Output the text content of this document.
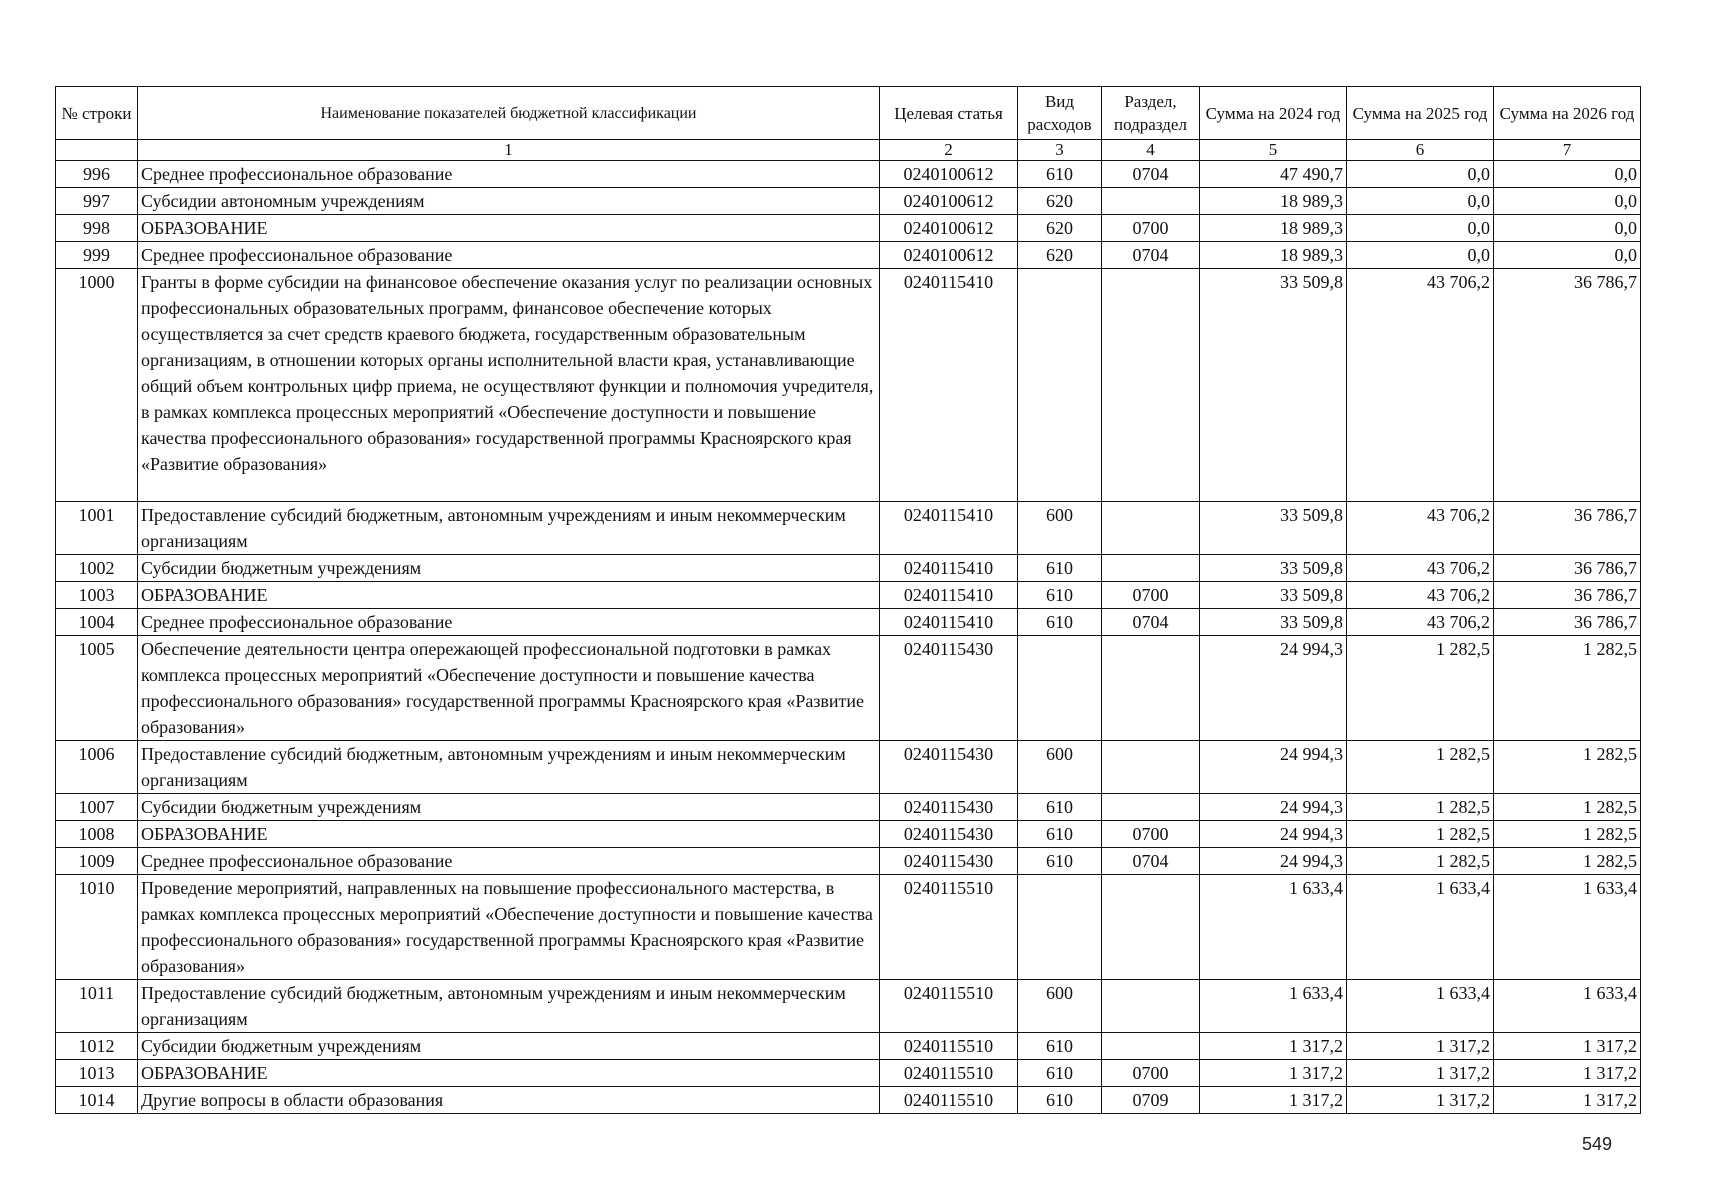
№ строки	Наименование показателей бюджетной классификации	Целевая статья	Вид расходов	Раздел, подраздел	Сумма на 2024 год	Сумма на 2025 год	Сумма на 2026 год
	1	2	3	4	5	6	7
996	Среднее профессиональное образование	0240100612	610	0704	47 490,7	0,0	0,0
997	Субсидии автономным учреждениям	0240100612	620		18 989,3	0,0	0,0
998	ОБРАЗОВАНИЕ	0240100612	620	0700	18 989,3	0,0	0,0
999	Среднее профессиональное образование	0240100612	620	0704	18 989,3	0,0	0,0
1000	Гранты в форме субсидии на финансовое обеспечение оказания услуг по реализации основных профессиональных образовательных программ, финансовое обеспечение которых осуществляется за счет средств краевого бюджета, государственным образовательным организациям, в отношении которых органы исполнительной власти края, устанавливающие общий объем контрольных цифр приема, не осуществляют функции и полномочия учредителя, в рамках комплекса процессных мероприятий «Обеспечение доступности и повышение качества профессионального образования» государственной программы Красноярского края «Развитие образования»	0240115410			33 509,8	43 706,2	36 786,7
1001	Предоставление субсидий бюджетным, автономным учреждениям и иным некоммерческим организациям	0240115410	600		33 509,8	43 706,2	36 786,7
1002	Субсидии бюджетным учреждениям	0240115410	610		33 509,8	43 706,2	36 786,7
1003	ОБРАЗОВАНИЕ	0240115410	610	0700	33 509,8	43 706,2	36 786,7
1004	Среднее профессиональное образование	0240115410	610	0704	33 509,8	43 706,2	36 786,7
1005	Обеспечение деятельности центра опережающей профессиональной подготовки в рамках комплекса процессных мероприятий «Обеспечение доступности и повышение качества профессионального образования» государственной программы Красноярского края «Развитие образования»	0240115430			24 994,3	1 282,5	1 282,5
1006	Предоставление субсидий бюджетным, автономным учреждениям и иным некоммерческим организациям	0240115430	600		24 994,3	1 282,5	1 282,5
1007	Субсидии бюджетным учреждениям	0240115430	610		24 994,3	1 282,5	1 282,5
1008	ОБРАЗОВАНИЕ	0240115430	610	0700	24 994,3	1 282,5	1 282,5
1009	Среднее профессиональное образование	0240115430	610	0704	24 994,3	1 282,5	1 282,5
1010	Проведение мероприятий, направленных на повышение профессионального мастерства, в рамках комплекса процессных мероприятий «Обеспечение доступности и повышение качества профессионального образования» государственной программы Красноярского края «Развитие образования»	0240115510			1 633,4	1 633,4	1 633,4
1011	Предоставление субсидий бюджетным, автономным учреждениям и иным некоммерческим организациям	0240115510	600		1 633,4	1 633,4	1 633,4
1012	Субсидии бюджетным учреждениям	0240115510	610		1 317,2	1 317,2	1 317,2
1013	ОБРАЗОВАНИЕ	0240115510	610	0700	1 317,2	1 317,2	1 317,2
1014	Другие вопросы в области образования	0240115510	610	0709	1 317,2	1 317,2	1 317,2
549
